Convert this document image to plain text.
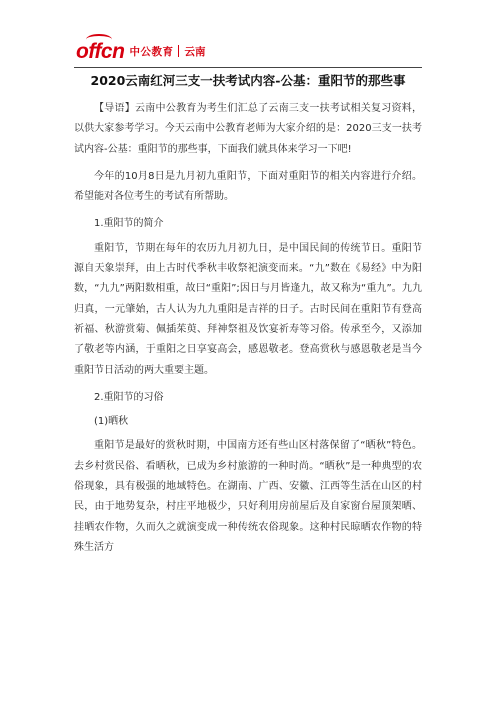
offcn 中公教育 云南
2020云南红河三支一扶考试内容-公基：重阳节的那些事

【导语】云南中公教育为考生们汇总了云南三支一扶考试相关复习资料，以供大家参考学习。今天云南中公教育老师为大家介绍的是：2020三支一扶考试内容-公基：重阳节的那些事，下面我们就具体来学习一下吧!

今年的10月8日是九月初九重阳节，下面对重阳节的相关内容进行介绍。希望能对各位考生的考试有所帮助。

1.重阳节的简介

重阳节，节期在每年的农历九月初九日，是中国民间的传统节日。重阳节源自天象崇拜，由上古时代季秋丰收祭祀演变而来。“九”数在《易经》中为阳数，“九九”两阳数相重，故曰“重阳”;因日与月皆逢九，故又称为“重九”。九九归真，一元肇始，古人认为九九重阳是吉祥的日子。古时民间在重阳节有登高祈福、秋游赏菊、佩插茱萸、拜神祭祖及饮宴祈寿等习俗。传承至今，又添加了敬老等内涵，于重阳之日享宴高会，感恩敬老。登高赏秋与感恩敬老是当今重阳节日活动的两大重要主题。

2.重阳节的习俗

(1)晒秋

重阳节是最好的赏秋时期，中国南方还有些山区村落保留了“晒秋”特色。去乡村赏民俗、看晒秋，已成为乡村旅游的一种时尚。“晒秋”是一种典型的农俗现象，具有极强的地域特色。在湖南、广西、安徽、江西等生活在山区的村民，由于地势复杂，村庄平地极少，只好利用房前屋后及自家窗台屋顶架晒、挂晒农作物，久而久之就演变成一种传统农俗现象。这种村民晾晒农作物的特殊生活方
